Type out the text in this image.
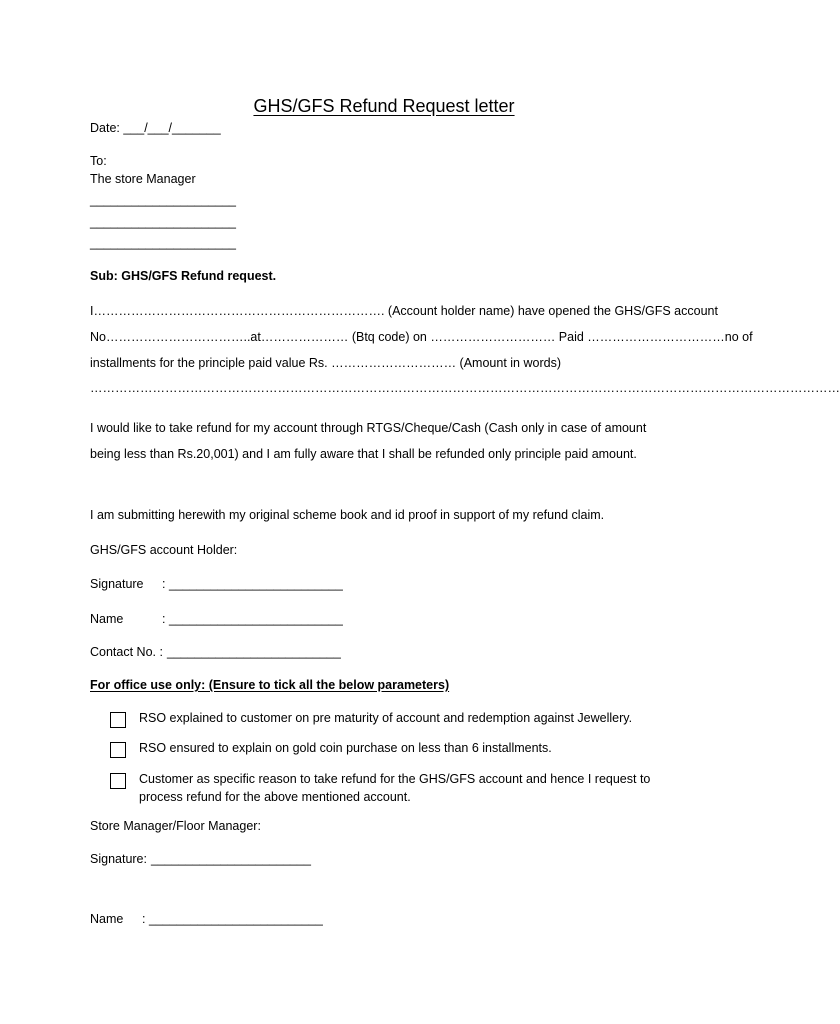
GHS/GFS Refund Request letter
Date: ___/___/_______
To:
The store Manager
_____________________
_____________________
_____________________
Sub: GHS/GFS Refund request.
I……………………………………………………………. (Account holder name) have opened the GHS/GFS account
No……………………………..at………………… (Btq code) on ………………………… Paid ……………………………no of
installments for the principle paid value Rs. ………………………… (Amount in words)
………………………………………………………………………………………………………………………………………………………………
I would like to take refund for my account through RTGS/Cheque/Cash (Cash only in case of amount
being less than Rs.20,001) and I am fully aware that I shall be refunded only principle paid amount.
I am submitting herewith my original scheme book and id proof in support of my refund claim.
GHS/GFS account Holder:
Signature : _________________________
Name	: _________________________
Contact No. : _________________________
For office use only: (Ensure to tick all the below parameters)
RSO explained to customer on pre maturity of account and redemption against Jewellery.
RSO ensured to explain on gold coin purchase on less than 6 installments.
Customer as specific reason to take refund for the GHS/GFS account and hence I request to process refund for the above mentioned account.
Store Manager/Floor Manager:
Signature: _______________________
Name : _________________________
